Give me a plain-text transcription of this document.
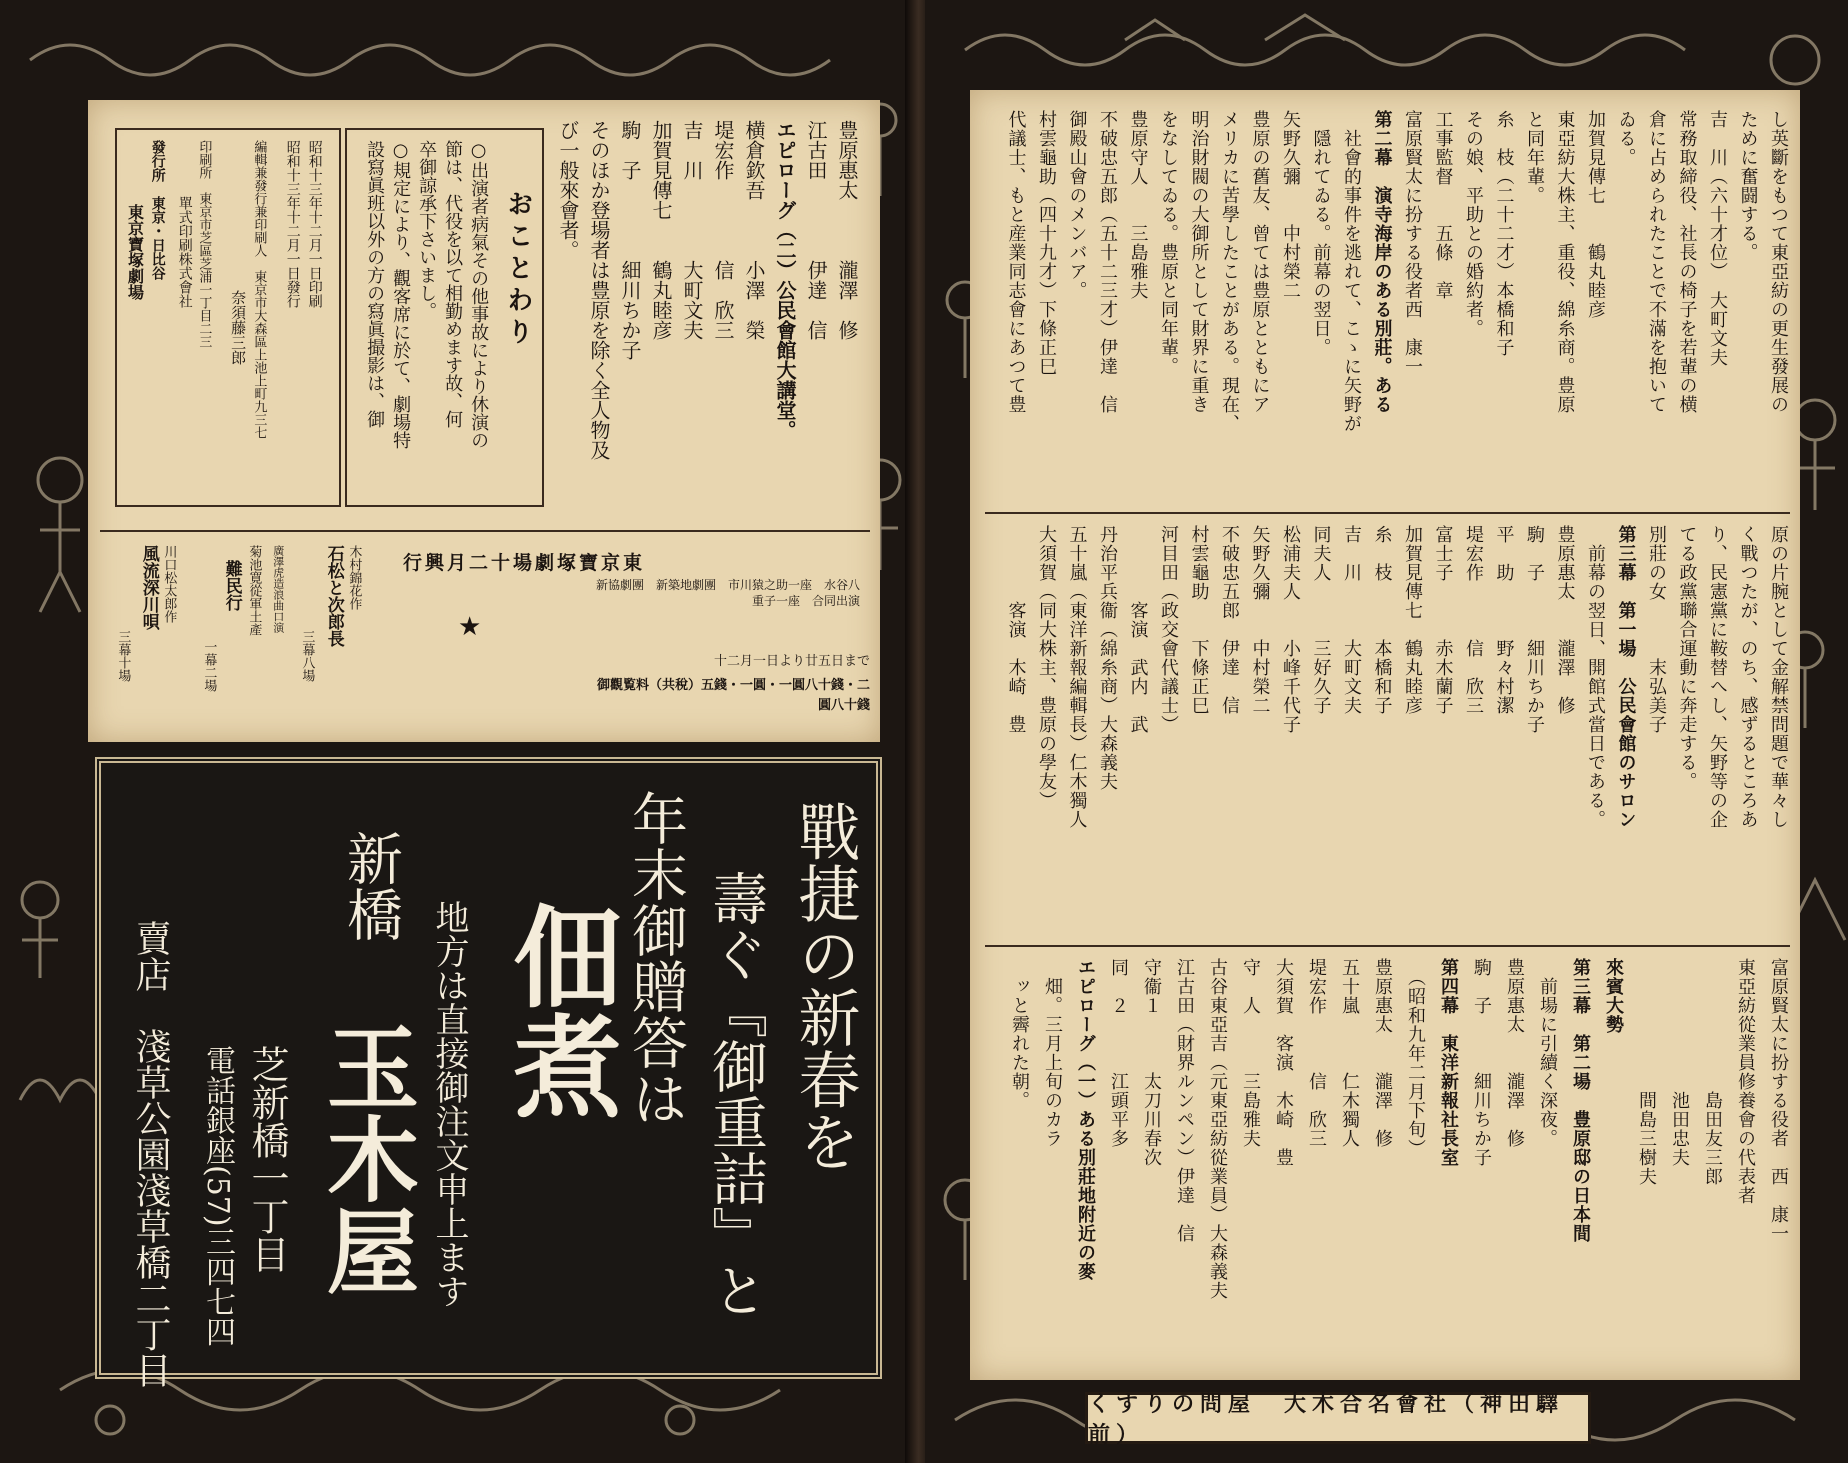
豊原惠太　　　瀧澤　修
江古田　　　　伊達　信
エピローグ（二）公民會館大講堂。
横倉欽吾　　　小澤　榮
堤宏作　　　　信　欣三
吉　川　　　　大町文夫
加賀見傳七　　鶴丸睦彦
駒　子　　　　細川ちか子
そのほか登場者は豊原を除く全人物及
び一般來會者。
おことわり
○出演者病氣その他事故により休演の
節は、代役を以て相勤めます故、何
卒御諒承下さいまし。
○規定により、觀客席に於て、劇場特
設寫眞班以外の方の寫眞撮影は、御
昭和十三年十二月一日印刷
昭和十三年十二月一日發行
編輯兼發行兼印刷人　東京市大森區上池上町九三七
　　　　　　　　　　奈須藤三郎
印刷所　東京市芝區芝浦一丁目二三
　　　　單式印刷株式會社
發行所　東京・日比谷
　　　　東京寶塚劇場
東京寶塚劇場十二月興行
新協劇團　新築地劇團　市川猿之助一座　水谷八重子一座　合同出演
十二月一日より廿五日まで
御觀覧料（共稅）五錢・一圓・一圓八十錢・二圓八十錢
★
木村錦花作
石松と次郎長
三幕八場
菊池寛從軍土產 廣澤虎造浪曲口演
難民行
一幕二場
川口松太郎作
風流深川唄
三幕十場
戰捷の新春を
壽ぐ『御重詰』と
年末御贈答は
佃煮
地方は直接御注文申上ます
新橋
玉木屋
芝新橋一丁目
電話銀座(57)三四七四
賣店　淺草公園淺草橋二丁目
し英斷をもつて東亞紡の更生發展の
ために奮闘する。
吉　川（六十才位）　大町文夫
常務取締役、社長の椅子を若輩の横
倉に占められたことで不滿を抱いて
ゐる。
加賀見傳七　　鶴丸睦彦
東亞紡大株主、重役、綿糸商。豊原
と同年輩。
糸　枝（二十二才）本橋和子
その娘、平助との婚約者。
工事監督　　五條　章
富原賢太に扮する役者西　康一
第二幕　演寺海岸のある別莊。ある
　社會的事件を逃れて、こゝに矢野が
　隱れてゐる。前幕の翌日。
矢野久彌　　中村榮二
豊原の舊友、曾ては豊原とともにア
メリカに苦學したことがある。現在、
明治財閥の大御所として財界に重き
をなしてゐる。豊原と同年輩。
豊原守人　　三島雅夫
不破忠五郎（五十二三才）伊達　信
御殿山會のメンバア。
村雲龜助（四十九才）下條正巳
代議士、もと産業同志會にあつて豊
原の片腕として金解禁問題で華々し
く戰つたが、のち、感ずるところあ
り、民憲黨に鞍替へし、矢野等の企
てる政黨聯合運動に奔走する。
別莊の女　　　末弘美子
第三幕　第一場　公民會館のサロン
　前幕の翌日、開館式當日である。
豊原惠太　　瀧澤　修
駒　子　　　細川ちか子
平　助　　　野々村潔
堤宏作　　　信　欣三
富士子　　　赤木蘭子
加賀見傳七　鶴丸睦彦
糸　枝　　　本橋和子
吉　川　　　大町文夫
同夫人　　　三好久子
松浦夫人　　小峰千代子
矢野久彌　　中村榮二
不破忠五郎　伊達　信
村雲龜助　　下條正巳
河目田（政交會代議士）
　　　　客演　武内　武
丹治平兵衞（綿糸商）大森義夫
五十嵐（東洋新報編輯長）仁木獨人
大須賀（同大株主、豊原の學友）
　　　　客演　木崎　豊
富原賢太に扮する役者　西　康一
東亞紡從業員修養會の代表者
　　　　　　　島田友三郎
　　　　　　　池田忠夫
　　　　　　　間島三樹夫
來賓大勢
第三幕　第二場　豊原邸の日本間
　前場に引續く深夜。
豊原惠太　　瀧澤　修
駒　子　　　細川ちか子
第四幕　東洋新報社長室
　（昭和九年二月下旬）
豊原惠太　　瀧澤　修
五十嵐　　　仁木獨人
堤宏作　　　信　欣三
大須賀　客演　木崎　豊
守　人　　　三島雅夫
古谷東亞吉（元東亞紡從業員）大森義夫
江古田（財界ルンペン）伊達　信
守衞１　　　太刀川春次
同　２　　　江頭平多
エピローグ（一）ある別莊地附近の麥
　畑。三月上旬のカラ
　ッと霽れた朝。
くすりの問屋　大木合名會社（神田驛前）
